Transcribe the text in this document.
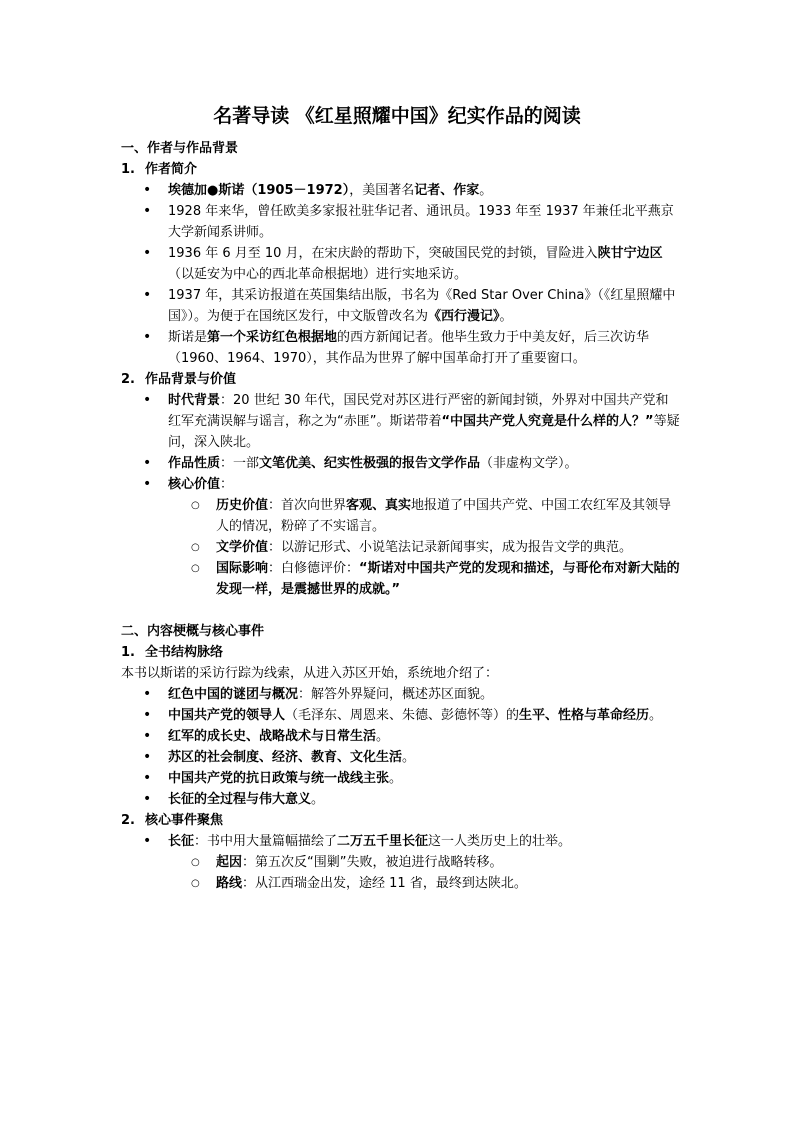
名著导读 《红星照耀中国》纪实作品的阅读

一、作者与作品背景

1. 作者简介

• 埃德加●斯诺（1905－1972），美国著名记者、作家。
• 1928 年来华，曾任欧美多家报社驻华记者、通讯员。1933 年至 1937 年兼任北平燕京大学新闻系讲师。
• 1936 年 6 月至 10 月，在宋庆龄的帮助下，突破国民党的封锁，冒险进入陕甘宁边区（以延安为中心的西北革命根据地）进行实地采访。
• 1937 年，其采访报道在英国集结出版，书名为《Red Star Over China》（《红星照耀中国》）。为便于在国统区发行，中文版曾改名为《西行漫记》。
• 斯诺是第一个采访红色根据地的西方新闻记者。他毕生致力于中美友好，后三次访华（1960、1964、1970），其作品为世界了解中国革命打开了重要窗口。

2. 作品背景与价值

• 时代背景：20 世纪 30 年代，国民党对苏区进行严密的新闻封锁，外界对中国共产党和红军充满误解与谣言，称之为“赤匪”。斯诺带着“中国共产党人究竟是什么样的人？”等疑问，深入陕北。
• 作品性质：一部文笔优美、纪实性极强的报告文学作品（非虚构文学）。
• 核心价值：
○ 历史价值：首次向世界客观、真实地报道了中国共产党、中国工农红军及其领导人的情况，粉碎了不实谣言。
○ 文学价值：以游记形式、小说笔法记录新闻事实，成为报告文学的典范。
○ 国际影响：白修德评价：“斯诺对中国共产党的发现和描述，与哥伦布对新大陆的发现一样，是震撼世界的成就。”

二、内容梗概与核心事件

1. 全书结构脉络

本书以斯诺的采访行踪为线索，从进入苏区开始，系统地介绍了：

• 红色中国的谜团与概况：解答外界疑问，概述苏区面貌。
• 中国共产党的领导人（毛泽东、周恩来、朱德、彭德怀等）的生平、性格与革命经历。
• 红军的成长史、战略战术与日常生活。
• 苏区的社会制度、经济、教育、文化生活。
• 中国共产党的抗日政策与统一战线主张。
• 长征的全过程与伟大意义。

2. 核心事件聚焦

• 长征：书中用大量篇幅描绘了二万五千里长征这一人类历史上的壮举。
○ 起因：第五次反“围剿”失败，被迫进行战略转移。
○ 路线：从江西瑞金出发，途经 11 省，最终到达陕北。
